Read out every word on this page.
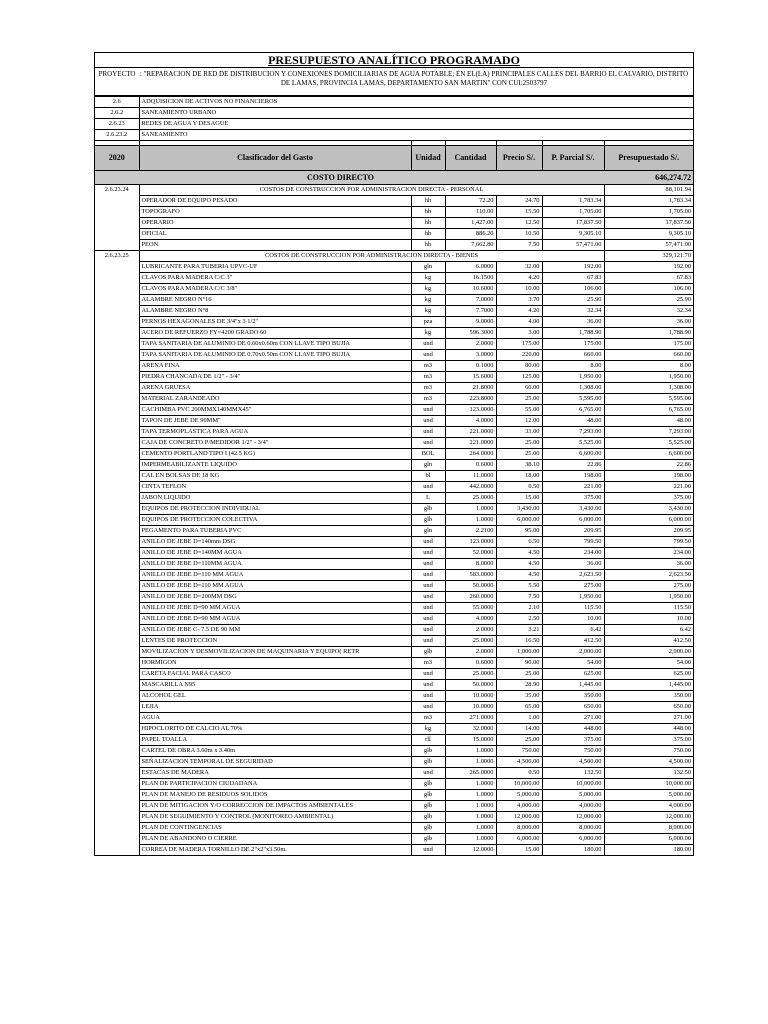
PRESUPUESTO ANALÍTICO PROGRAMADO
PROYECTO : "REPARACION DE RED DE DISTRIBUCION Y CONEXIONES DOMICILIARIAS DE AGUA POTABLE; EN EL(LA) PRINCIPALES CALLES DEL BARRIO EL CALVARIO, DISTRITO DE LAMAS, PROVINCIA LAMAS, DEPARTAMENTO SAN MARTIN" CON CUI:2503797
2.6	ADQUISICION DE ACTIVOS NO FINANCIEROS					
2.6.2	SANEAMIENTO URBANO					
2.6.23	REDES DE AGUA Y DESAGUE					
2.6.23.2	SANEAMIENTO					

2020	Clasificador del Gasto	Unidad	Cantidad	Precio S/.	P. Parcial S/.	Presupuestado S/.
	COSTO DIRECTO					646,274.72
2.6.23.24	COSTOS DE CONSTRUCCION POR ADMINISTRACION DIRECTA - PERSONAL					88,101.94
	OPERADOR DE EQUIPO PESADO	hh	72.20	24.70	1,783.34	1,783.34
	TOPOGRAFO	hh	110.00	15.50	1,705.00	1,705.00
	OPERARIO	hh	1,427.00	12.50	17,837.50	17,837.50
	OFICIAL	hh	886.20	10.50	9,305.10	9,305.10
	PEON	hh	7,662.80	7.50	57,471.00	57,471.00
2.6.23.25	COSTOS DE CONSTRUCCION POR ADMINISTRACION DIRECTA - BIENES					329,121.70
	LUBRICANTE PARA TUBERIA UPVC-UF	gln	6.0000	32.00	192.00	192.00
	CLAVOS PARA MADERA C/C 3"	kg	16.1500	4.20	67.83	67.83
	CLAVOS PARA MADERA C/C 3/8"	kg	10.6000	10.00	106.00	106.00
	ALAMBRE NEGRO N°16	kg	7.0000	3.70	25.90	25.90
	ALAMBRE NEGRO N°8	kg	7.7000	4.20	32.34	32.34
	PERNOS HEXAGONALES DE 3/4"x 3 1/2"	pza	9.0000	4.00	36.00	36.00
	ACERO DE REFUERZO FY=4200 GRADO 60	kg	596.3000	3.00	1,788.90	1,788.90
	TAPA SANITARIA DE ALUMINIO DE 0.60x0.60m CON LLAVE TIPO BUJIA	und	2.0000	175.00	175.00	175.00
	TAPA SANITARIA DE ALUMINIO DE 0.70x0.50m CON LLAVE TIPO BUJIA	und	3.0000	220.00	660.00	660.00
	ARENA FINA	m3	0.1000	80.00	8.00	8.00
	PIEDRA CHANCADA DE 1/2" - 3/4"	m3	15.6000	125.00	1,950.00	1,950.00
	ARENA GRUESA	m3	21.8000	60.00	1,308.00	1,308.00
	MATERIAL ZARANDEADO	m3	223.8000	25.00	5,595.00	5,595.00
	CACHIMBA PVC 200MMX140MMX45"	und	123.0000	55.00	6,765.00	6,765.00
	TAPON DE JEBE DE 90MM"	und	4.0000	12.00	48.00	48.00
	TAPA TERMOPLASTICA PARA AGUA	und	221.0000	33.00	7,293.00	7,293.00
	CAJA DE CONCRETO P/MEDIDOR 1/2" - 3/4"	und	221.0000	25.00	5,525.00	5,525.00
	CEMENTO PORTLAND TIPO I (42.5 KG)	BOL	264.0000	25.00	6,600.00	6,600.00
	IMPERMEABILIZANTE LIQUIDO	gln	0.6000	38.10	22.86	22.86
	CAL EN BOLSAS DE 18 KG	bl	11.0000	18.00	198.00	198.00
	CINTA TEFLON	und	442.0000	0.50	221.00	221.00
	JABON LIQUIDO	L	25.0000	15.00	375.00	375.00
	EQUIPOS DE PROTECCION INDIVIDUAL	glb	1.0000	3,430.00	3,430.00	3,430.00
	EQUIPOS DE PROTECCION COLECTIVA	glb	1.0000	6,000.00	6,000.00	6,000.00
	PEGAMENTO PARA TUBERIA PVC	gln	2.2100	95.00	209.95	209.95
	ANILLO DE JEBE D=140mm DSG	und	123.0000	6.50	799.50	799.50
	ANILLO DE JEBE D=140MM AGUA	und	52.0000	4.50	234.00	234.00
	ANILLO DE JEBE D=110MM AGUA	und	8.0000	4.50	36.00	36.00
	ANILLO DE JEBE D=110 MM AGUA	und	583.0000	4.50	2,623.50	2,623.50
	ANILLO DE JEBE D=110 MM AGUA	und	50.0000	5.50	275.00	275.00
	ANILLO DE JEBE D=200MM DSG	und	260.0000	7.50	1,950.00	1,950.00
	ANILLO DE JEBE D=90 MM AGUA	und	55.0000	2.10	115.50	115.50
	ANILLO DE JEBE D=90 MM AGUA	und	4.0000	2.50	10.00	10.00
	ANILLO DE JEBE C- 7.5 DE 90 MM	und	2.0000	3.21	6.42	6.42
	LENTES DE PROTECCION	und	25.0000	16.50	412.50	412.50
	MOVILIZACION Y DESMOVILIZACION DE MAQUINARIA Y EQUIPO( RETR	glb	2.0000	1,000.00	2,000.00	2,000.00
	HORMIGON	m3	0.6000	90.00	54.00	54.00
	CARETA FACIAL PARA CASCO	und	25.0000	25.00	625.00	625.00
	MASCARILLA N95	und	50.0000	28.90	1,445.00	1,445.00
	ALCOHOL GEL	und	10.0000	35.00	350.00	350.00
	LEJIA	und	10.0000	65.00	650.00	650.00
	AGUA	m3	271.0000	1.00	271.00	271.00
	HIPOCLORITO DE CALCIO AL 70%	kg	32.0000	14.00	448.00	448.00
	PAPEL TOALLA	rll	15.0000	25.00	375.00	375.00
	CARTEL DE OBRA 3.60m x 3.40m	glb	1.0000	750.00	750.00	750.00
	SEÑALIZACION TEMPORAL DE SEGURIDAD	glb	1.0000	4,500.00	4,500.00	4,500.00
	ESTACAS DE MADERA	und	265.0000	0.50	132.50	132.50
	PLAN DE PARTICIPACION CIUDADANA	glb	1.0000	10,000.00	10,000.00	10,000.00
	PLAN DE MANEJO DE RESIDUOS SOLIDOS	glb	1.0000	5,000.00	5,000.00	5,000.00
	PLAN DE MITIGACION Y/O CORRECCION DE IMPACTOS AMBIENTALES	glb	1.0000	4,000.00	4,000.00	4,000.00
	PLAN DE SEGUIMIENTO Y CONTROL (MONITOREO AMBIENTAL)	glb	1.0000	12,000.00	12,000.00	12,000.00
	PLAN DE CONTINGENCIAS	glb	1.0000	8,000.00	8,000.00	8,000.00
	PLAN DE ABANDONO O CIERRE	glb	1.0000	6,000.00	6,000.00	6,000.00
	CORREA DE MADERA TORNILLO DE 2"x2"x3.50m.	und	12.0000	15.00	180.00	180.00
